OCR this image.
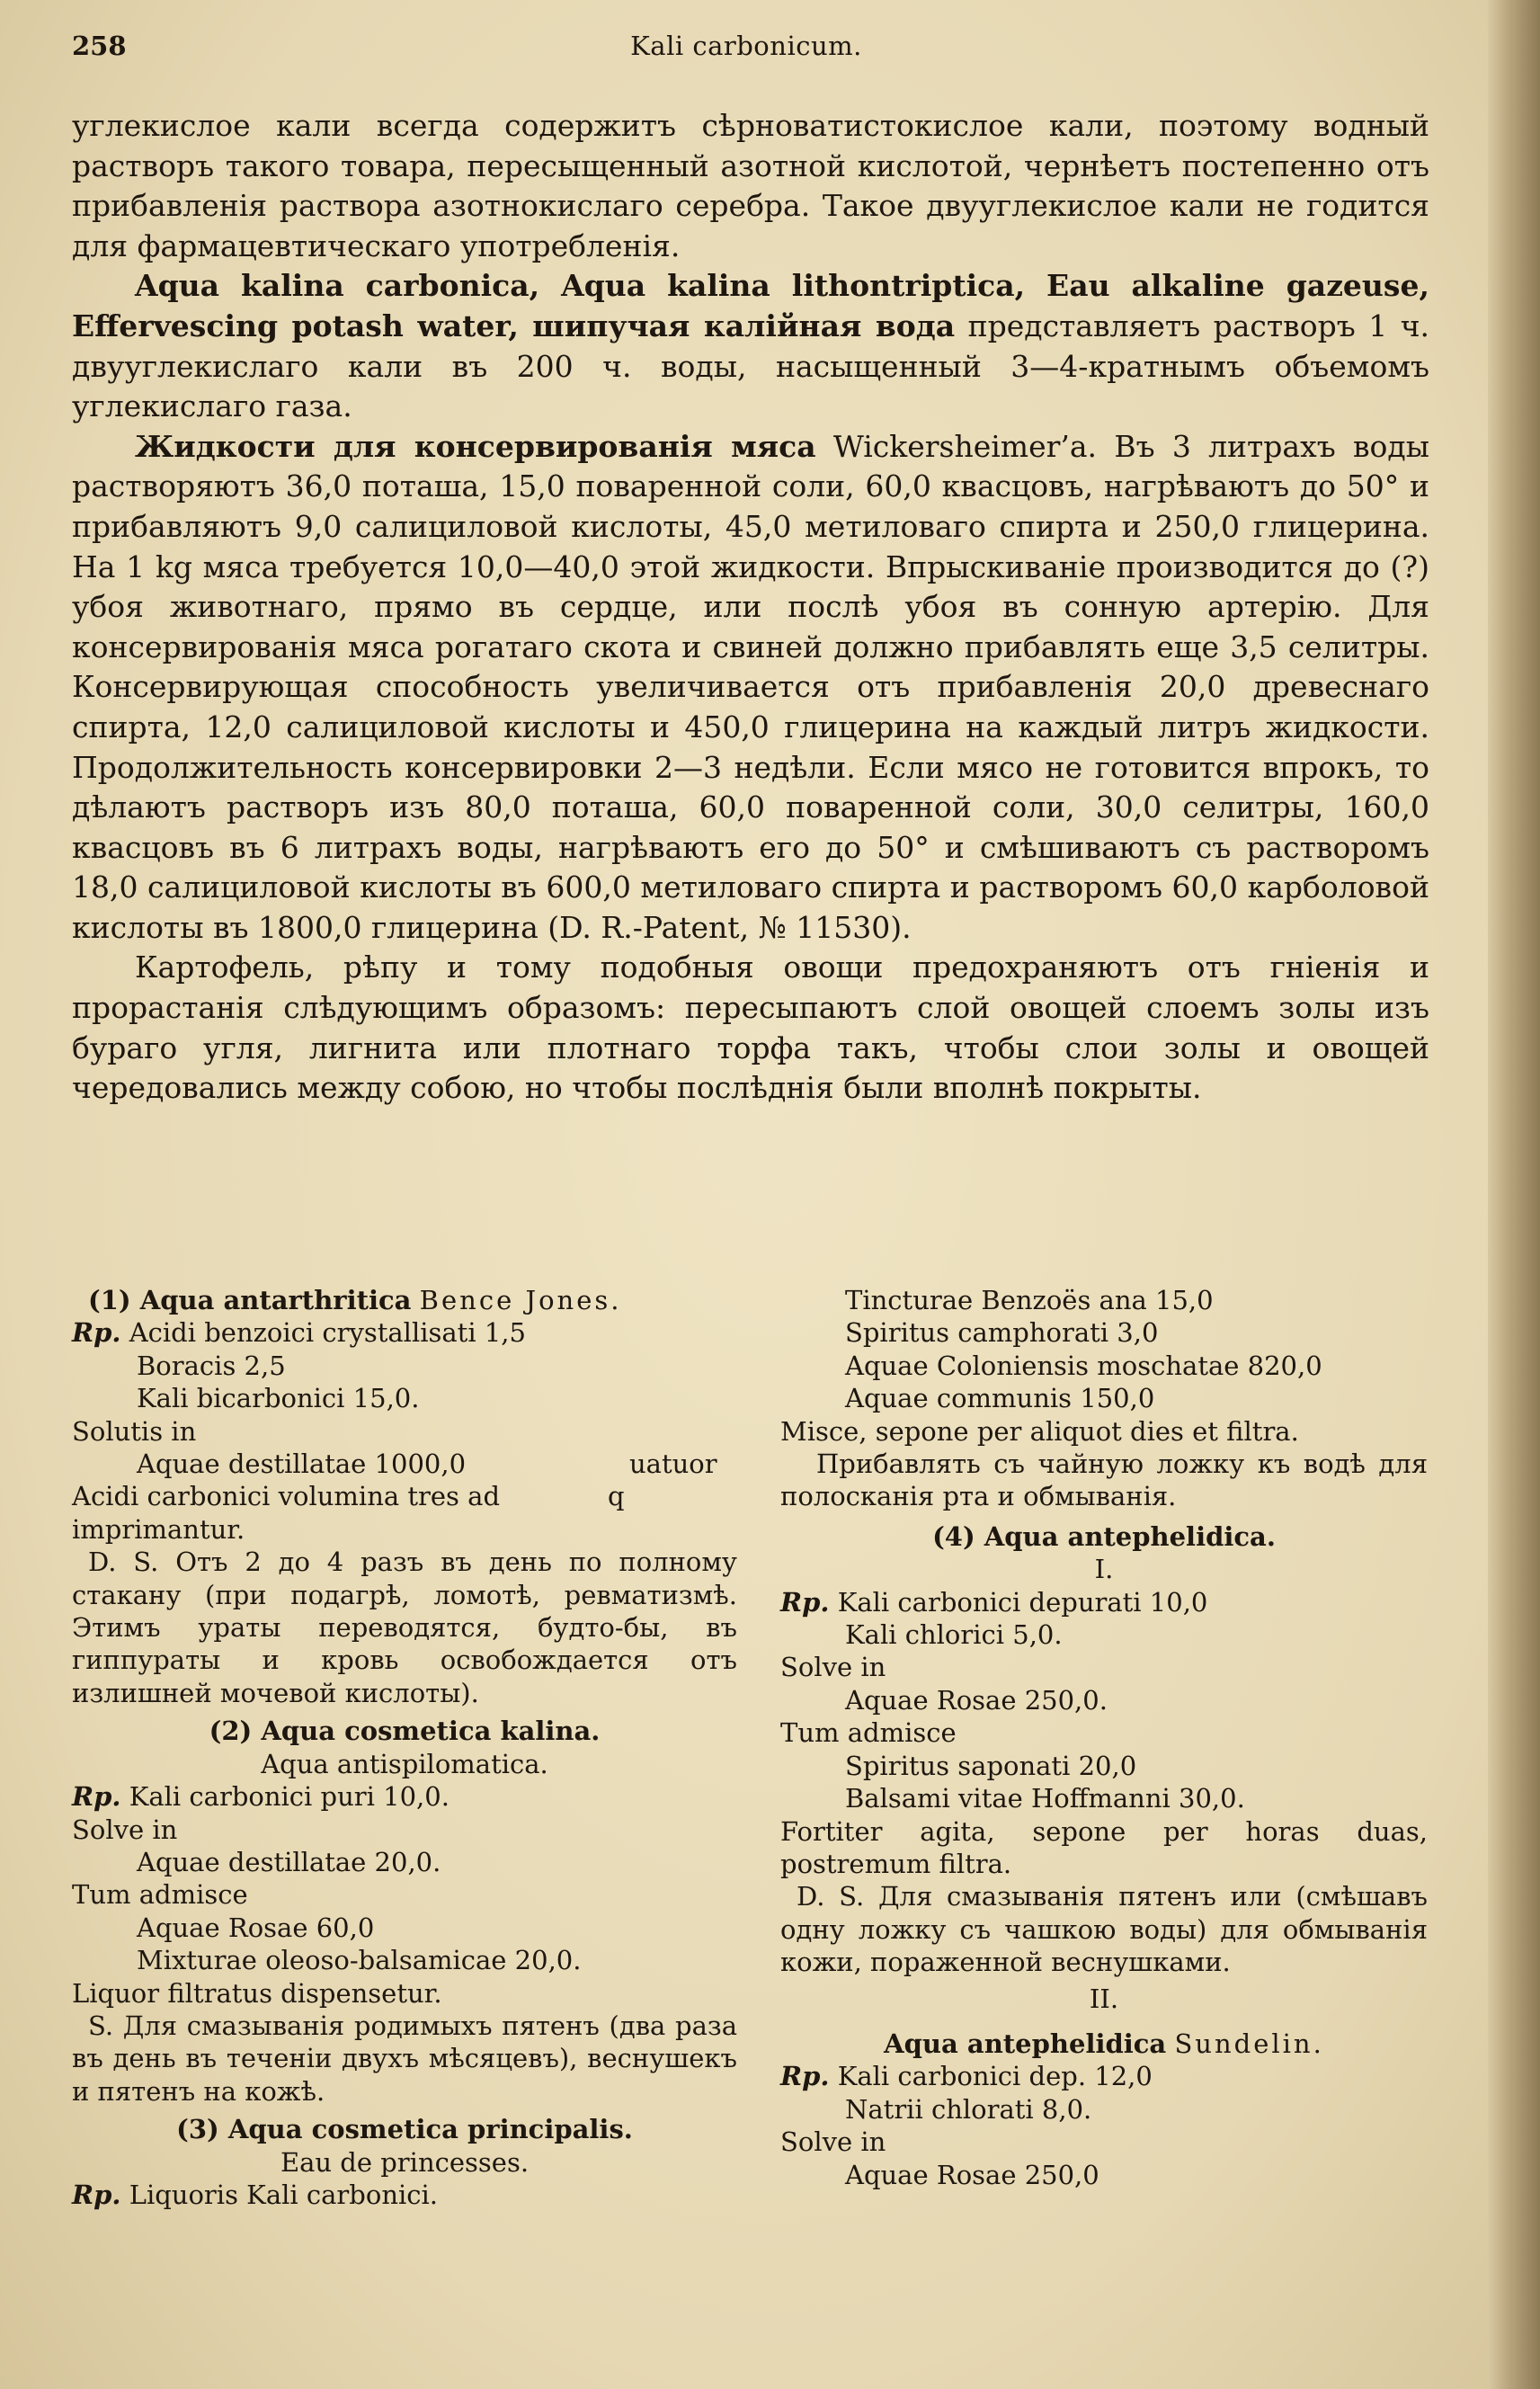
258	Kali carbonicum.

углекислое кали всегда содержитъ сѣрноватистокислое кали, поэтому водный растворъ такого товара, пересыщенный азотной кислотой, чернѣетъ постепенно отъ прибавленія раствора азотнокислаго серебра. Такое двууглекислое кали не годится для фармацевтическаго употребленія.

Aqua kalina carbonica, Aqua kalina lithontriptica, Eau alkaline gazeuse, Effervescing potash water, шипучая калійная вода представляетъ растворъ 1 ч. двууглекислаго кали въ 200 ч. воды, насыщенный 3—4-кратнымъ объемомъ углекислаго газа.

Жидкости для консервированія мяса Wickersheimer’а. Въ 3 литрахъ воды растворяютъ 36,0 поташа, 15,0 поваренной соли, 60,0 квасцовъ, нагрѣваютъ до 50° и прибавляютъ 9,0 салициловой кислоты, 45,0 метиловаго спирта и 250,0 глицерина. На 1 kg мяса требуется 10,0—40,0 этой жидкости. Впрыскиваніе производится до (?) убоя животнаго, прямо въ сердце, или послѣ убоя въ сонную артерію. Для консервированія мяса рогатаго скота и свиней должно прибавлять еще 3,5 селитры. Консервирующая способность увеличивается отъ прибавленія 20,0 древеснаго спирта, 12,0 салициловой кислоты и 450,0 глицерина на каждый литръ жидкости. Продолжительность консервировки 2—3 недѣли. Если мясо не готовится впрокъ, то дѣлаютъ растворъ изъ 80,0 поташа, 60,0 поваренной соли, 30,0 селитры, 160,0 квасцовъ въ 6 литрахъ воды, нагрѣваютъ его до 50° и смѣшиваютъ съ растворомъ 18,0 салициловой кислоты въ 600,0 метиловаго спирта и растворомъ 60,0 карболовой кислоты въ 1800,0 глицерина (D. R.-Patent, № 11530).

Картофель, рѣпу и тому подобныя овощи предохраняютъ отъ гніенія и прорастанія слѣдующимъ образомъ: пересыпаютъ слой овощей слоемъ золы изъ бураго угля, лигнита или плотнаго торфа такъ, чтобы слои золы и овощей чередовались между собою, но чтобы послѣднія были вполнѣ покрыты.

(1) Aqua antarthritica Bence Jones.
Rp. Acidi benzoici crystallisati 1,5
Boracis 2,5
Kali bicarbonici 15,0.
Solutis in
Aquae destillatae 1000,0	uatuor
Acidi carbonici volumina tres ad	q
imprimantur.
D. S. Отъ 2 до 4 разъ въ день по полному стакану (при подагрѣ, ломотѣ, ревматизмѣ. Этимъ ураты переводятся, будто-бы, въ гиппураты и кровь освобождается отъ излишней мочевой кислоты).
(2) Aqua cosmetica kalina.
Aqua antispilomatica.
Rp. Kali carbonici puri 10,0.
Solve in
Aquae destillatae 20,0.
Tum admisce
Aquae Rosae 60,0
Mixturae oleoso-balsamicae 20,0.
Liquor filtratus dispensetur.
S. Для смазыванія родимыхъ пятенъ (два раза въ день въ теченіи двухъ мѣсяцевъ), веснушекъ и пятенъ на кожѣ.
(3) Aqua cosmetica principalis.
Eau de princesses.
Rp. Liquoris Kali carbonici.
Tincturae Benzoës ana 15,0
Spiritus camphorati 3,0
Aquae Coloniensis moschatae 820,0
Aquae communis 150,0
Misce, sepone per aliquot dies et filtra.
Прибавлять съ чайную ложку къ водѣ для полосканія рта и обмыванія.
(4) Aqua antephelidica.
I.
Rp. Kali carbonici depurati 10,0
Kali chlorici 5,0.
Solve in
Aquae Rosae 250,0.
Tum admisce
Spiritus saponati 20,0
Balsami vitae Hoffmanni 30,0.
Fortiter agita, sepone per horas duas, postremum filtra.
D. S. Для смазыванія пятенъ или (смѣшавъ одну ложку съ чашкою воды) для обмыванія кожи, пораженной веснушками.
II.
Aqua antephelidica Sundelin.
Rp. Kali carbonici dep. 12,0
Natrii chlorati 8,0.
Solve in
Aquae Rosae 250,0
